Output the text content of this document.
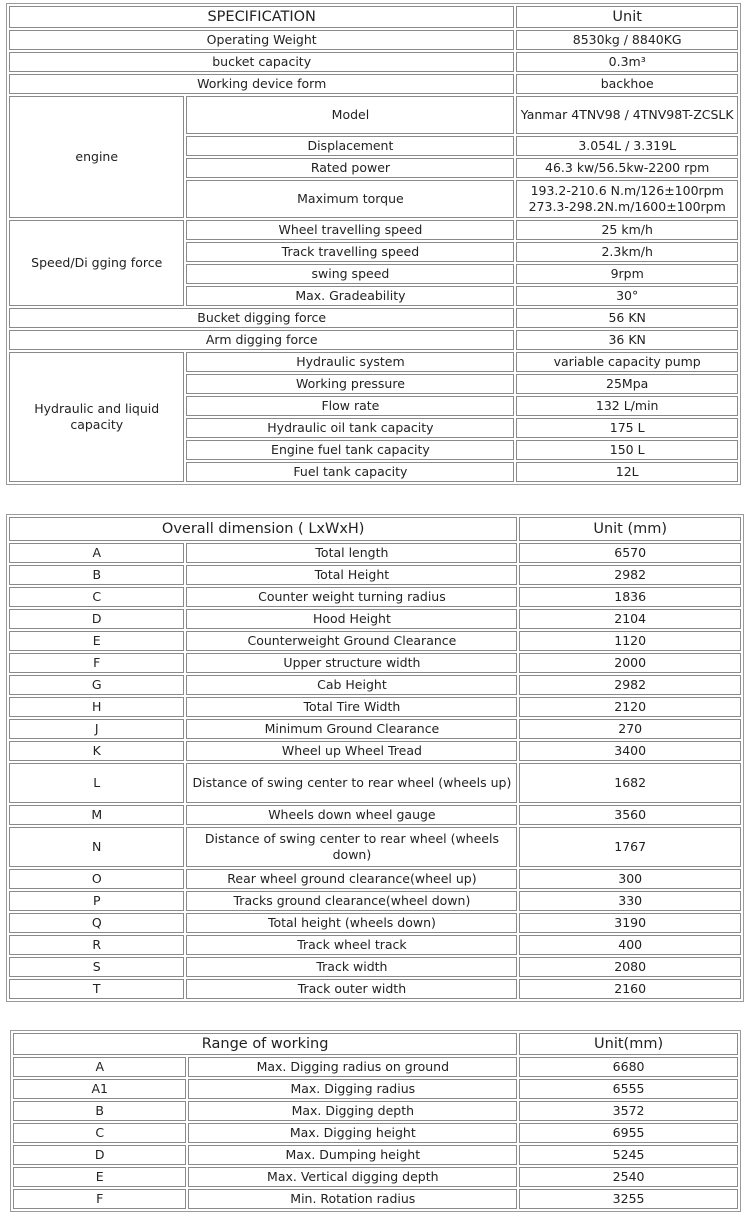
SPECIFICATION		Unit
Operating Weight		8530kg / 8840KG
bucket capacity		0.3m³
Working device form		backhoe
engine	Model	Yanmar 4TNV98 / 4TNV98T-ZCSLK
	Displacement	3.054L / 3.319L
	Rated power	46.3 kw/56.5kw-2200 rpm
	Maximum torque	193.2-210.6 N.m/126±100rpm 273.3-298.2N.m/1600±100rpm
Speed/Di gging force	Wheel travelling speed	25 km/h
	Track travelling speed	2.3km/h
	swing speed	9rpm
	Max. Gradeability	30°
Bucket digging force		56 KN
Arm digging force		36 KN
Hydraulic and liquid capacity	Hydraulic system	variable capacity pump
	Working pressure	25Mpa
	Flow rate	132 L/min
	Hydraulic oil tank capacity	175 L
	Engine fuel tank capacity	150 L
	Fuel tank capacity	12L
Overall dimension ( LxWxH)		Unit (mm)
A	Total length	6570
B	Total Height	2982
C	Counter weight turning radius	1836
D	Hood Height	2104
E	Counterweight Ground Clearance	1120
F	Upper structure width	2000
G	Cab Height	2982
H	Total Tire Width	2120
J	Minimum Ground Clearance	270
K	Wheel up Wheel Tread	3400
L	Distance of swing center to rear wheel (wheels up)	1682
M	Wheels down wheel gauge	3560
N	Distance of swing center to rear wheel (wheels down)	1767
O	Rear wheel ground clearance(wheel up)	300
P	Tracks ground clearance(wheel down)	330
Q	Total height (wheels down)	3190
R	Track wheel track	400
S	Track width	2080
T	Track outer width	2160
Range of working		Unit(mm)
A	Max. Digging radius on ground	6680
A1	Max. Digging radius	6555
B	Max. Digging depth	3572
C	Max. Digging height	6955
D	Max. Dumping height	5245
E	Max. Vertical digging depth	2540
F	Min. Rotation radius	3255
